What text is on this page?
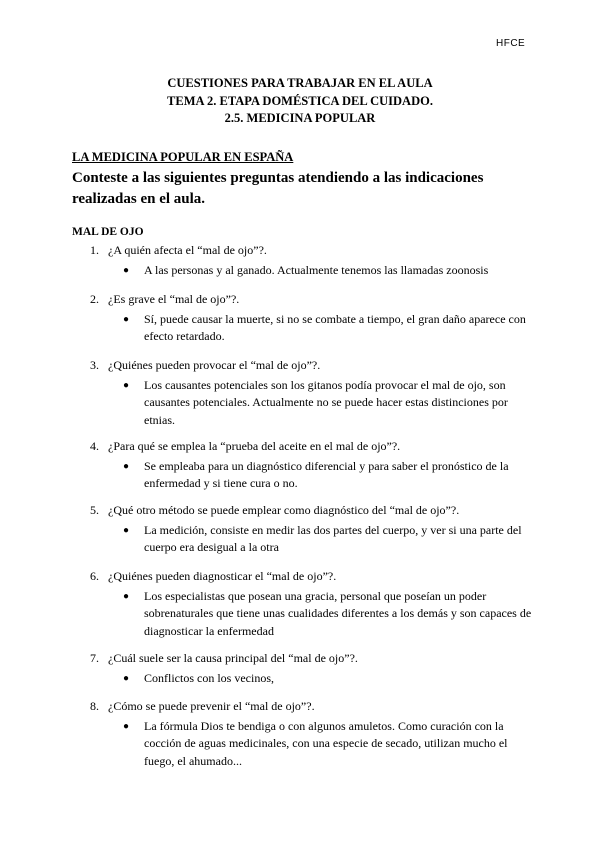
HFCE
CUESTIONES PARA TRABAJAR EN EL AULA
TEMA 2. ETAPA DOMÉSTICA DEL CUIDADO.
2.5. MEDICINA POPULAR
LA MEDICINA POPULAR EN ESPAÑA
Conteste a las siguientes preguntas atendiendo a las indicaciones realizadas en el aula.
MAL DE OJO
1. ¿A quién afecta el “mal de ojo”?.
● A las personas y al ganado. Actualmente tenemos las llamadas zoonosis
2. ¿Es grave el “mal de ojo”?.
● Sí, puede causar la muerte, si no se combate a tiempo, el gran daño aparece con efecto retardado.
3. ¿Quiénes pueden provocar el “mal de ojo”?.
● Los causantes potenciales son los gitanos podía provocar el mal de ojo, son causantes potenciales. Actualmente no se puede hacer estas distinciones por etnias.
4. ¿Para qué se emplea la “prueba del aceite en el mal de ojo”?.
● Se empleaba para un diagnóstico diferencial y para saber el pronóstico de la enfermedad y si tiene cura o no.
5. ¿Qué otro método se puede emplear como diagnóstico del “mal de ojo”?.
● La medición, consiste en medir las dos partes del cuerpo, y ver si una parte del cuerpo era desigual a la otra
6. ¿Quiénes pueden diagnosticar el “mal de ojo”?.
● Los especialistas que posean una gracia, personal que poseían un poder sobrenaturales que tiene unas cualidades diferentes a los demás y son capaces de diagnosticar la enfermedad
7. ¿Cuál suele ser la causa principal del “mal de ojo”?.
● Conflictos con los vecinos,
8. ¿Cómo se puede prevenir el “mal de ojo”?.
● La fórmula Dios te bendiga o con algunos amuletos. Como curación con la cocción de aguas medicinales, con una especie de secado, utilizan mucho el fuego, el ahumado...
